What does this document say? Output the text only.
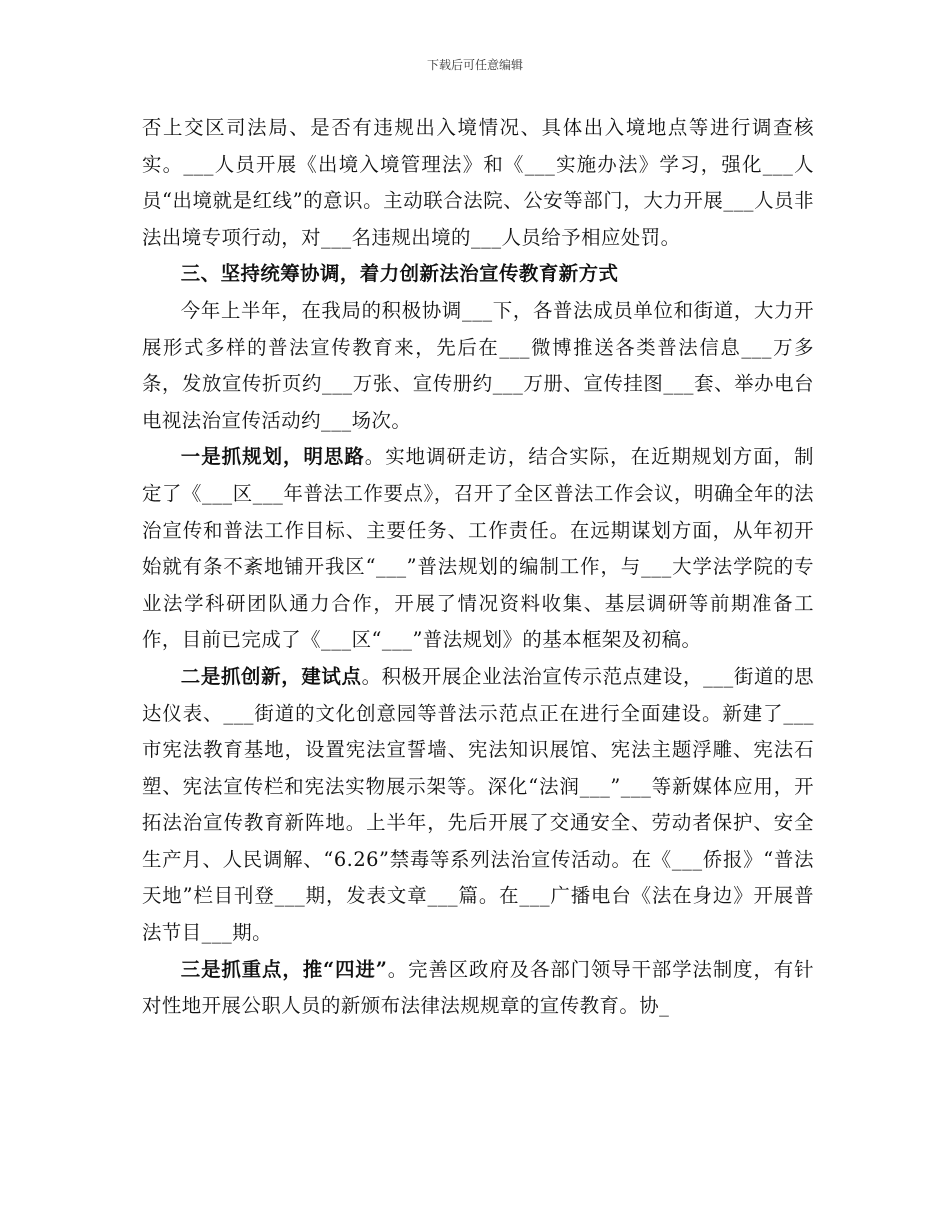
下载后可任意编辑

否上交区司法局、是否有违规出入境情况、具体出入境地点等进行调查核实。___人员开展《出境入境管理法》和《___实施办法》学习，强化___人员“出境就是红线”的意识。主动联合法院、公安等部门，大力开展___人员非法出境专项行动，对___名违规出境的___人员给予相应处罚。

三、坚持统筹协调，着力创新法治宣传教育新方式

今年上半年，在我局的积极协调___下，各普法成员单位和街道，大力开展形式多样的普法宣传教育来，先后在___微博推送各类普法信息___万多条，发放宣传折页约___万张、宣传册约___万册、宣传挂图___套、举办电台电视法治宣传活动约___场次。

一是抓规划，明思路。实地调研走访，结合实际，在近期规划方面，制定了《___区___年普法工作要点》，召开了全区普法工作会议，明确全年的法治宣传和普法工作目标、主要任务、工作责任。在远期谋划方面，从年初开始就有条不紊地铺开我区“___”普法规划的编制工作，与___大学法学院的专业法学科研团队通力合作，开展了情况资料收集、基层调研等前期准备工作，目前已完成了《___区“___”普法规划》的基本框架及初稿。

二是抓创新，建试点。积极开展企业法治宣传示范点建设，___街道的思达仪表、___街道的文化创意园等普法示范点正在进行全面建设。新建了___市宪法教育基地，设置宪法宣誓墙、宪法知识展馆、宪法主题浮雕、宪法石塑、宪法宣传栏和宪法实物展示架等。深化“法润___”___等新媒体应用，开拓法治宣传教育新阵地。上半年，先后开展了交通安全、劳动者保护、安全生产月、人民调解、“6.26”禁毒等系列法治宣传活动。在《___侨报》“普法天地”栏目刊登___期，发表文章___篇。在___广播电台《法在身边》开展普法节目___期。

三是抓重点，推“四进”。完善区政府及各部门领导干部学法制度，有针对性地开展公职人员的新颁布法律法规规章的宣传教育。协_
